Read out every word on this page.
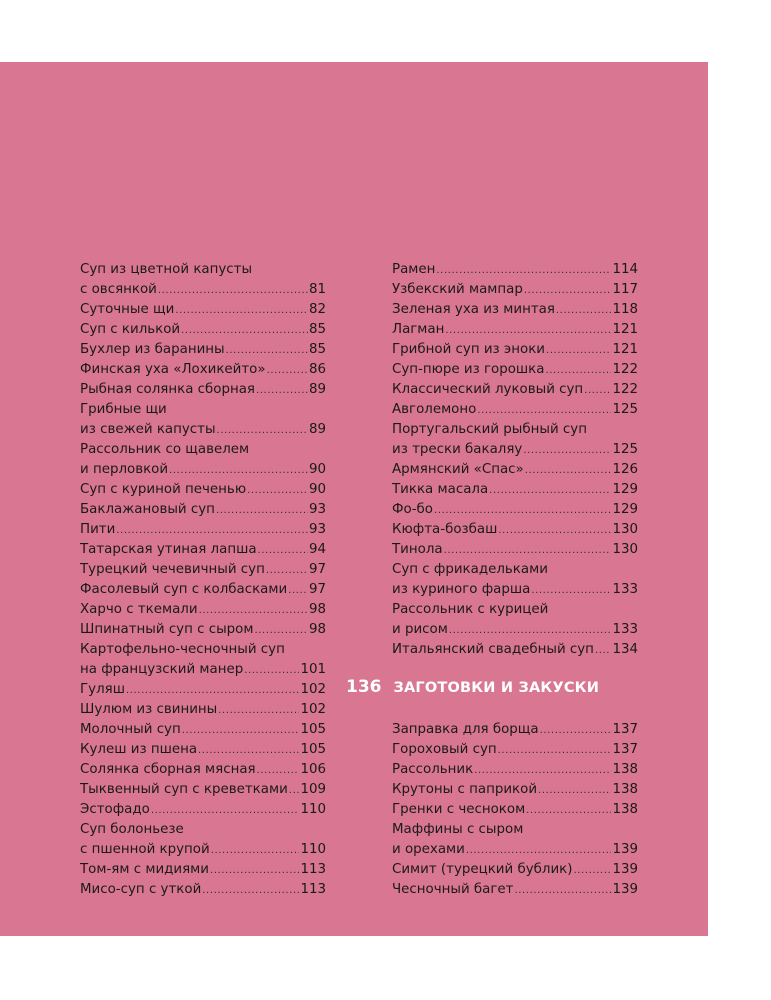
Суп из цветной капусты
с овсянкой .....	81
Суточные щи .....	82
Суп с килькой .....	85
Бухлер из баранины .....	85
Финская уха «Лохикейто» .....	86
Рыбная солянка сборная .....	89
Грибные щи
из свежей капусты .....	89
Рассольник со щавелем
и перловкой .....	90
Суп с куриной печенью .....	90
Баклажановый суп .....	93
Пити .....	93
Татарская утиная лапша .....	94
Турецкий чечевичный суп .....	97
Фасолевый суп с колбасками ..... 97
Харчо с ткемали .....	98
Шпинатный суп с сыром .....	98
Картофельно-чесночный суп
на французский манер .....	101
Гуляш .....	102
Шулюм из свинины .....	102
Молочный суп .....	105
Кулеш из пшена .....	105
Солянка сборная мясная .....	106
Тыквенный суп с креветками ..... 109
Эстофадо .....	110
Суп болоньезе
с пшенной крупой .....	110
Том-ям с мидиями .....	113
Мисо-суп с уткой .....	113
Рамен .....	114
Узбекский мампар .....	117
Зеленая уха из минтая .....	118
Лагман .....	121
Грибной суп из эноки .....	121
Суп-пюре из горошка .....	122
Классический луковый суп ..... 122
Авголемоно .....	125
Португальский рыбный суп
из трески бакаляу .....	125
Армянский «Спас» .....	126
Тикка масала .....	129
Фо-бо .....	129
Кюфта-бозбаш .....	130
Тинола .....	130
Суп с фрикадельками
из куриного фарша .....	133
Рассольник с курицей
и рисом .....	133
Итальянский свадебный суп ..... 134
136 ЗАГОТОВКИ И ЗАКУСКИ
Заправка для борща .....	137
Гороховый суп .....	137
Рассольник .....	138
Крутоны с паприкой .....	138
Гренки с чесноком .....	138
Маффины с сыром
и орехами .....	139
Симит (турецкий бублик) .....	139
Чесночный багет .....	139
